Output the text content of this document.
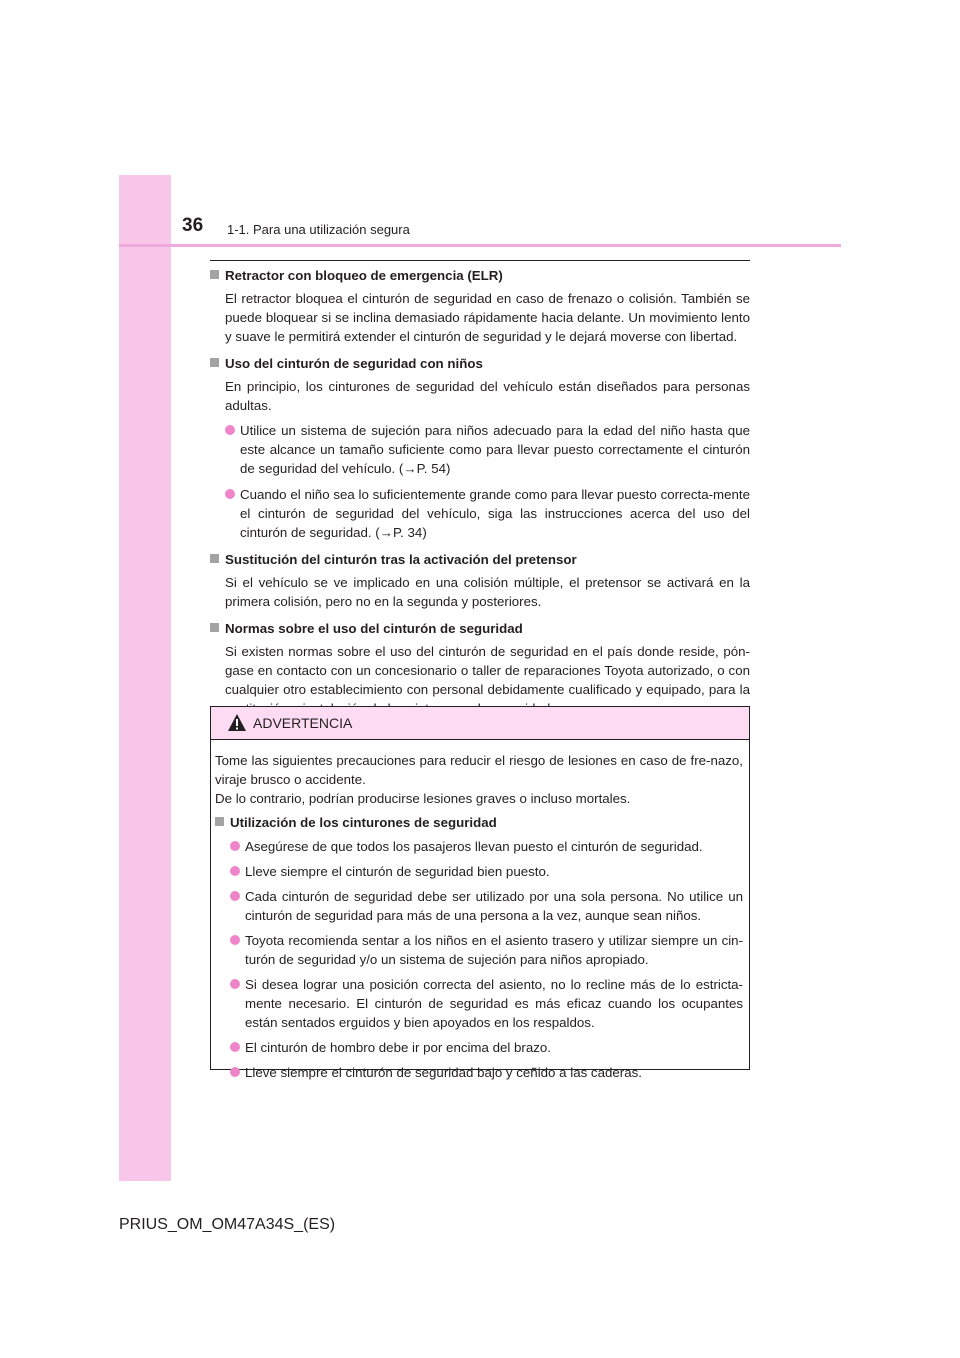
36 1-1. Para una utilización segura

Retractor con bloqueo de emergencia (ELR)

El retractor bloquea el cinturón de seguridad en caso de frenazo o colisión. También se puede bloquear si se inclina demasiado rápidamente hacia delante. Un movimiento lento y suave le permitirá extender el cinturón de seguridad y le dejará moverse con libertad.

Uso del cinturón de seguridad con niños

En principio, los cinturones de seguridad del vehículo están diseñados para personas adultas.

Utilice un sistema de sujeción para niños adecuado para la edad del niño hasta que este alcance un tamaño suficiente como para llevar puesto correctamente el cinturón de seguridad del vehículo. (→P. 54)
Cuando el niño sea lo suficientemente grande como para llevar puesto correcta-mente el cinturón de seguridad del vehículo, siga las instrucciones acerca del uso del cinturón de seguridad. (→P. 34)

Sustitución del cinturón tras la activación del pretensor

Si el vehículo se ve implicado en una colisión múltiple, el pretensor se activará en la primera colisión, pero no en la segunda y posteriores.

Normas sobre el uso del cinturón de seguridad

Si existen normas sobre el uso del cinturón de seguridad en el país donde reside, pón-gase en contacto con un concesionario o taller de reparaciones Toyota autorizado, o con cualquier otro establecimiento con personal debidamente cualificado y equipado, para la

ADVERTENCIA

Tome las siguientes precauciones para reducir el riesgo de lesiones en caso de fre-nazo, viraje brusco o accidente.
De lo contrario, podrían producirse lesiones graves o incluso mortales.

Utilización de los cinturones de seguridad

Asegúrese de que todos los pasajeros llevan puesto el cinturón de seguridad.
Lleve siempre el cinturón de seguridad bien puesto.
Cada cinturón de seguridad debe ser utilizado por una sola persona. No utilice un cinturón de seguridad para más de una persona a la vez, aunque sean niños.
Toyota recomienda sentar a los niños en el asiento trasero y utilizar siempre un cin-turón de seguridad y/o un sistema de sujeción para niños apropiado.
Si desea lograr una posición correcta del asiento, no lo recline más de lo estricta-mente necesario. El cinturón de seguridad es más eficaz cuando los ocupantes están sentados erguidos y bien apoyados en los respaldos.
El cinturón de hombro debe ir por encima del brazo.
Lleve siempre el cinturón de seguridad bajo y ceñido a las caderas.
PRIUS_OM_OM47A34S_(ES)
